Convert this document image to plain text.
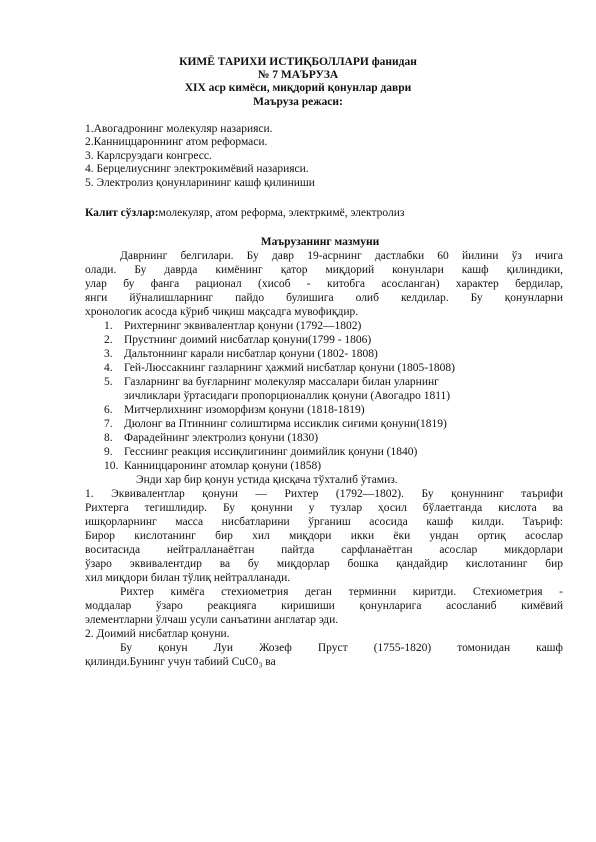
КИМЁ ТАРИХИ ИСТИҚБОЛЛАРИ фанидан
№ 7 МАЪРУЗА
XIX аср кимёси, миқдорий қонунлар даври
Маъруза режаси:
1.Авогадронинг молекуляр назарияси.
2.Канниццароннинг атом реформаси.
3. Карлсруэдаги конгресс.
4. Берцелиуснинг электрокимёвий назарияси.
5. Электролиз қонунларининг кашф қилиниши
Калит сўзлар:молекуляр, атом реформа, электркимё, электролиз
Маърузанинг мазмуни
Даврнинг белгилари. Бу давр 19-асрнинг дастлабки 60 йилини ўз ичига
олади. Бу даврда кимёнинг қатор миқдорий конунлари кашф қилиндики,
улар бу фанга рационал (хисоб - китобга асосланган) характер бердилар,
янги йўналишларнинг пайдо булишига олиб келдилар. Бу қонунларни
хронологик асосда кўриб чиқиш мақсадга мувофиқдир.
1. Рихтернинг эквивалентлар қонуни (1792—1802)
2. Прустнинг доимий нисбатлар қонуни(1799 - 1806)
3. Дальтоннинг карали нисбатлар қонуни (1802- 1808)
4. Гей-Люссакнинг газларнинг ҳажмий нисбатлар қонуни (1805-1808)
5. Газларнинг ва буғларнинг молекуляр массалари билан уларнинг
зичликлари ўртасидаги пропорционаллик қонуни (Авогадро 1811)
6. Митчерлихнинг изоморфизм қонуни (1818-1819)
7. Дюлонг ва Птиннинг солиштирма иссиклик сиғими қонуни(1819)
8. Фарадейнинг электролиз қонуни (1830)
9. Гесснинг реакция иссиқлигининг доимийлик қонуни (1840)
10. Канниццаронинг атомлар қонуни (1858)
Энди хар бир қонун устида қисқача тўхталиб ўтамиз.
1. Эквивалентлар қонуни — Рихтер (1792—1802). Бу қонуннинг таърифи
Рихтерга тегишлидир. Бу қонунни у тузлар ҳосил бўлаетганда кислота ва
ишқорларнинг масса нисбатларини ўрганиш асосида кашф килди. Таъриф:
Бирор кислотанинг бир хил миқдори икки ёки ундан ортиқ асослар
воситасида нейтралланаётган пайтда сарфланаётган асослар микдорлари
ўзаро эквивалентдир ва бу миқдорлар бошка қандайдир кислотанинг бир
хил миқдори билан тўлиқ нейтралланади.
Рихтер кимёга стехиометрия деган терминни киритди. Стехиометрия -
моддалар ўзаро реакцияга киришиши қонунларига асосланиб кимёвий
элементларни ўлчаш усули санъатини англатар эди.
2. Доимий нисбатлар қонуни.
Бу қонун Луи Жозеф Пруст (1755-1820) томонидан кашф
қилинди.Бунинг учун табиий CuC0₃ ва
